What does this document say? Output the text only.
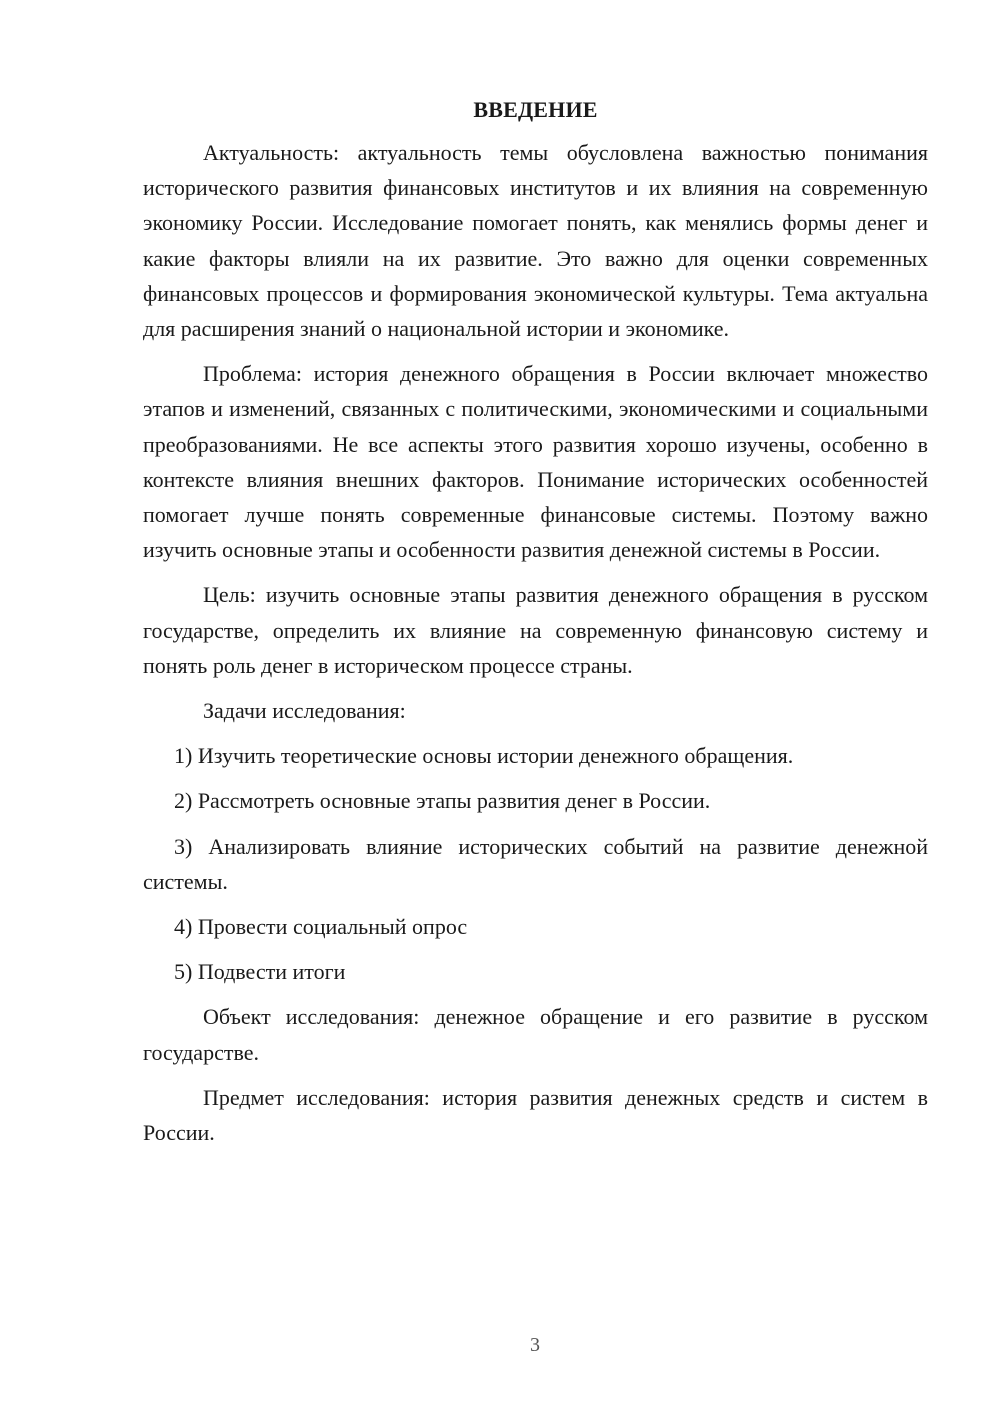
ВВЕДЕНИЕ

Актуальность: актуальность темы обусловлена важностью понимания исторического развития финансовых институтов и их влияния на современную экономику России. Исследование помогает понять, как менялись формы денег и какие факторы влияли на их развитие. Это важно для оценки современных финансовых процессов и формирования экономической культуры. Тема актуальна для расширения знаний о национальной истории и экономике.

Проблема: история денежного обращения в России включает множество этапов и изменений, связанных с политическими, экономическими и социальными преобразованиями. Не все аспекты этого развития хорошо изучены, особенно в контексте влияния внешних факторов. Понимание исторических особенностей помогает лучше понять современные финансовые системы. Поэтому важно изучить основные этапы и особенности развития денежной системы в России.

Цель: изучить основные этапы развития денежного обращения в русском государстве, определить их влияние на современную финансовую систему и понять роль денег в историческом процессе страны.

Задачи исследования:

1) Изучить теоретические основы истории денежного обращения.

2) Рассмотреть основные этапы развития денег в России.

3) Анализировать влияние исторических событий на развитие денежной системы.

4) Провести социальный опрос

5) Подвести итоги

Объект исследования: денежное обращение и его развитие в русском государстве.

Предмет исследования: история развития денежных средств и систем в России.

3
